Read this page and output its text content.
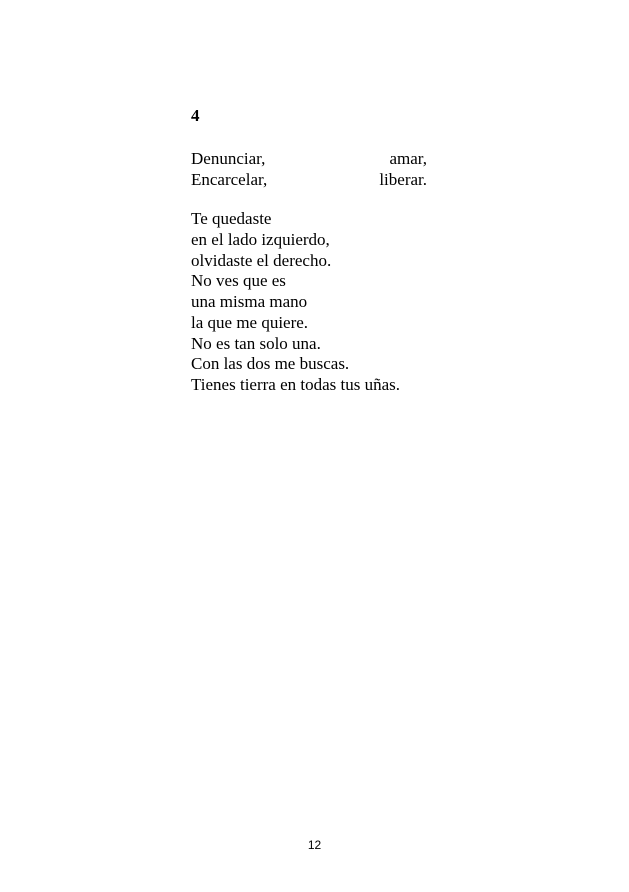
4
Denunciar,	amar,
Encarcelar,	liberar.
Te quedaste
en el lado izquierdo,
olvidaste el derecho.
No ves que es
una misma mano
la que me quiere.
No es tan solo una.
Con las dos me buscas.
Tienes tierra en todas tus uñas.
12
